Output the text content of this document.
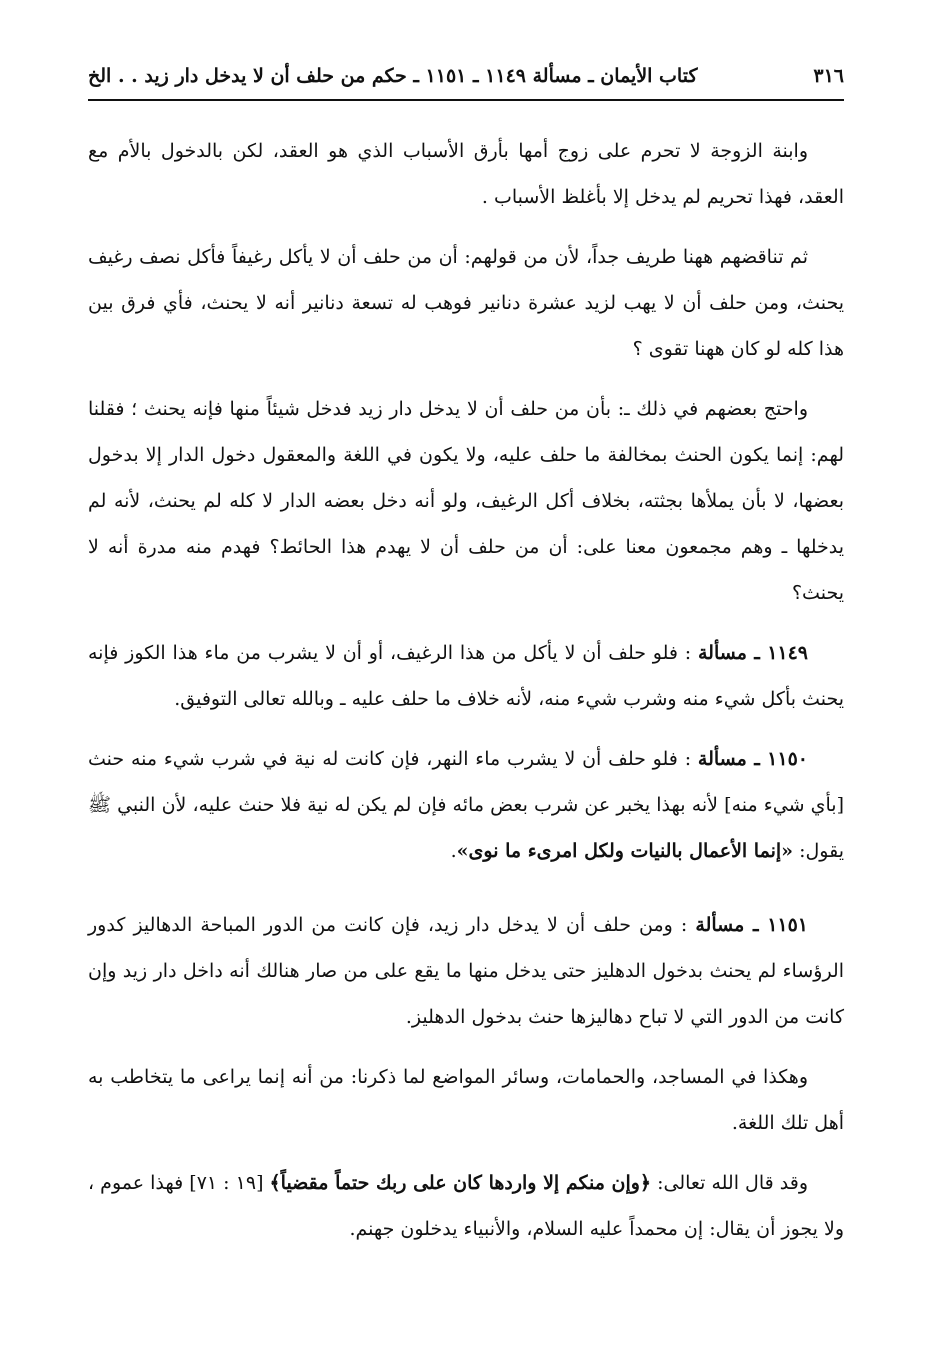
٣١٦
كتاب الأيمان ـ مسألة ١١٤٩ ـ ١١٥١ ـ حكم من حلف أن لا يدخل دار زيد . . الخ

وابنة الزوجة لا تحرم على زوج أمها بأرق الأسباب الذي هو العقد، لكن بالدخول بالأم مع العقد، فهذا تحريم لم يدخل إلا بأغلظ الأسباب .

ثم تناقضهم ههنا طريف جداً، لأن من قولهم: أن من حلف أن لا يأكل رغيفاً فأكل نصف رغيف يحنث، ومن حلف أن لا يهب لزيد عشرة دنانير فوهب له تسعة دنانير أنه لا يحنث، فأي فرق بين هذا كله لو كان ههنا تقوى ؟

واحتج بعضهم في ذلك ـ: بأن من حلف أن لا يدخل دار زيد فدخل شيئاً منها فإنه يحنث ؛ فقلنا لهم: إنما يكون الحنث بمخالفة ما حلف عليه، ولا يكون في اللغة والمعقول دخول الدار إلا بدخول بعضها، لا بأن يملأها بجثته، بخلاف أكل الرغيف، ولو أنه دخل بعضه الدار لا كله لم يحنث، لأنه لم يدخلها ـ وهم مجمعون معنا على: أن من حلف أن لا يهدم هذا الحائط؟ فهدم منه مدرة أنه لا يحنث؟

١١٤٩ ـ مسألة : فلو حلف أن لا يأكل من هذا الرغيف، أو أن لا يشرب من ماء هذا الكوز فإنه يحنث بأكل شيء منه وشرب شيء منه، لأنه خلاف ما حلف عليه ـ وبالله تعالى التوفيق.

١١٥٠ ـ مسألة : فلو حلف أن لا يشرب ماء النهر، فإن كانت له نية في شرب شيء منه حنث [بأي شيء منه] لأنه بهذا يخبر عن شرب بعض مائه فإن لم يكن له نية فلا حنث عليه، لأن النبي ﷺ يقول: «إنما الأعمال بالنيات ولكل امرىء ما نوى».

١١٥١ ـ مسألة : ومن حلف أن لا يدخل دار زيد، فإن كانت من الدور المباحة الدهاليز كدور الرؤساء لم يحنث بدخول الدهليز حتى يدخل منها ما يقع على من صار هنالك أنه داخل دار زيد وإن كانت من الدور التي لا تباح دهاليزها حنث بدخول الدهليز.

وهكذا في المساجد، والحمامات، وسائر المواضع لما ذكرنا: من أنه إنما يراعى ما يتخاطب به أهل تلك اللغة.

وقد قال الله تعالى: ﴿وإن منكم إلا واردها كان على ربك حتماً مقضياً﴾ [١٩ : ٧١] فهذا عموم ، ولا يجوز أن يقال: إن محمداً عليه السلام، والأنبياء يدخلون جهنم.
